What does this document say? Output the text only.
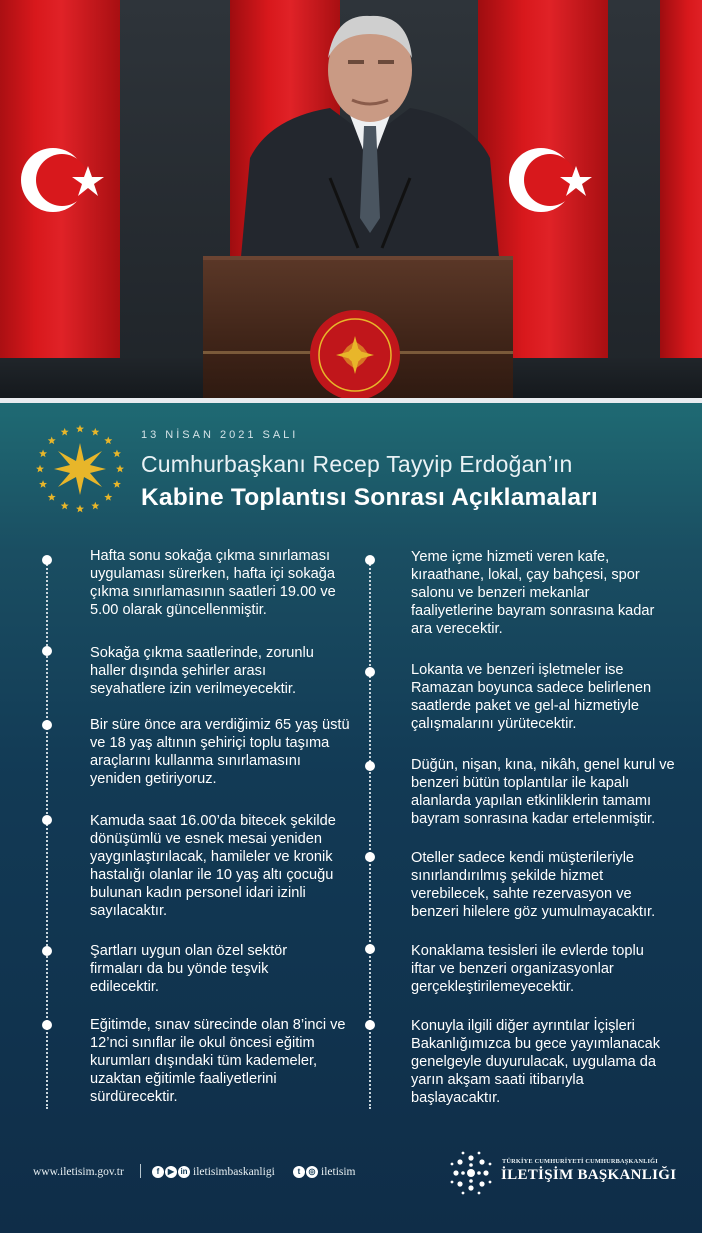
13 NİSAN 2021 SALI
Cumhurbaşkanı Recep Tayyip Erdoğan’ın
Kabine Toplantısı Sonrası Açıklamaları
Hafta sonu sokağa çıkma sınırlaması uygulaması sürerken, hafta içi sokağa çıkma sınırlamasının saatleri 19.00 ve 5.00 olarak güncellenmiştir.
Sokağa çıkma saatlerinde, zorunlu haller dışında şehirler arası seyahatlere izin verilmeyecektir.
Bir süre önce ara verdiğimiz 65 yaş üstü ve 18 yaş altının şehiriçi toplu taşıma araçlarını kullanma sınırlamasını yeniden getiriyoruz.
Kamuda saat 16.00’da bitecek şekilde dönüşümlü ve esnek mesai yeniden yaygınlaştırılacak, hamileler ve kronik hastalığı olanlar ile 10 yaş altı çocuğu bulunan kadın personel idari izinli sayılacaktır.
Şartları uygun olan özel sektör firmaları da bu yönde teşvik edilecektir.
Eğitimde, sınav sürecinde olan 8’inci ve 12’nci sınıflar ile okul öncesi eğitim kurumları dışındaki tüm kademeler, uzaktan eğitimle faaliyetlerini sürdürecektir.
Yeme içme hizmeti veren kafe, kıraathane, lokal, çay bahçesi, spor salonu ve benzeri mekanlar faaliyetlerine bayram sonrasına kadar ara verecektir.
Lokanta ve benzeri işletmeler ise Ramazan boyunca sadece belirlenen saatlerde paket ve gel-al hizmetiyle çalışmalarını yürütecektir.
Düğün, nişan, kına, nikâh, genel kurul ve benzeri bütün toplantılar ile kapalı alanlarda yapılan etkinliklerin tamamı bayram sonrasına kadar ertelenmiştir.
Oteller sadece kendi müşterileriyle sınırlandırılmış şekilde hizmet verebilecek, sahte rezervasyon ve benzeri hilelere göz yumulmayacaktır.
Konaklama tesisleri ile evlerde toplu iftar ve benzeri organizasyonlar gerçekleştirilemeyecektir.
Konuyla ilgili diğer ayrıntılar İçişleri Bakanlığımızca bu gece yayımlanacak genelgeyle duyurulacak, uygulama da yarın akşam saati itibarıyla başlayacaktır.
www.iletisim.gov.tr	f	▶ in iletisimbaskanligi	t	◎ iletisim
TÜRKİYE CUMHURİYETİ CUMHURBAŞKANLIĞI
İLETİŞİM BAŞKANLIĞI
